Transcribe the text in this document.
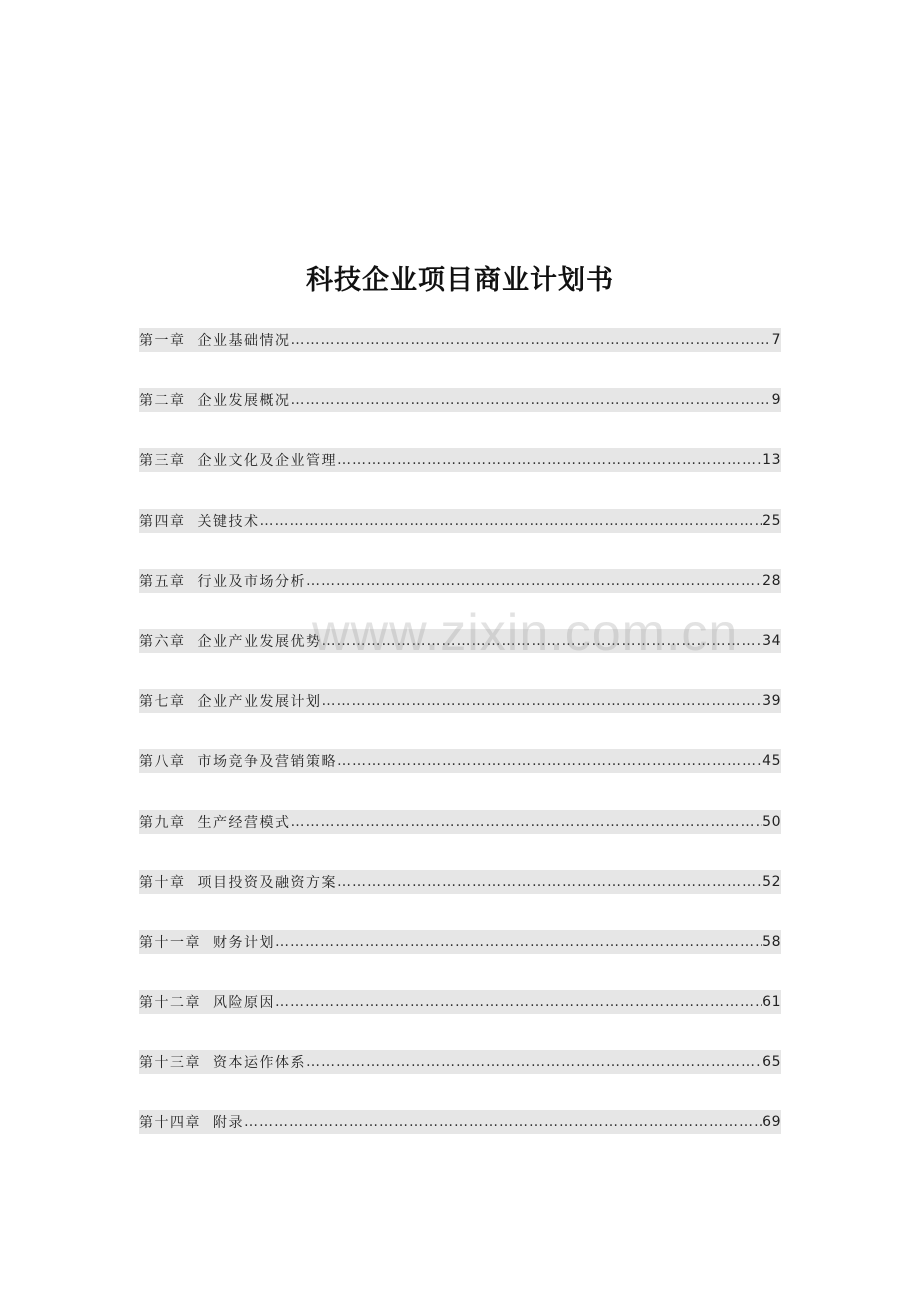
科技企业项目商业计划书
第一章 企业基础情况 ……………………………………………………………………………………………………………………………………………………………………	7
第二章 企业发展概况 ……………………………………………………………………………………………………………………………………………………………………	9
第三章 企业文化及企业管理 ……………………………………………………………………………………………………………………………………………………………………	13
第四章 关键技术 ……………………………………………………………………………………………………………………………………………………………………	25
第五章 行业及市场分析 ……………………………………………………………………………………………………………………………………………………………………	28
第六章 企业产业发展优势 ……………………………………………………………………………………………………………………………………………………………………	34
第七章 企业产业发展计划 ……………………………………………………………………………………………………………………………………………………………………	39
第八章 市场竞争及营销策略 ……………………………………………………………………………………………………………………………………………………………………	45
第九章 生产经营模式 ……………………………………………………………………………………………………………………………………………………………………	50
第十章 项目投资及融资方案 ……………………………………………………………………………………………………………………………………………………………………	52
第十一章 财务计划 ……………………………………………………………………………………………………………………………………………………………………	58
第十二章 风险原因 ……………………………………………………………………………………………………………………………………………………………………	61
第十三章 资本运作体系 ……………………………………………………………………………………………………………………………………………………………………	65
第十四章 附录 ……………………………………………………………………………………………………………………………………………………………………	69
www.zixin.com.cn
